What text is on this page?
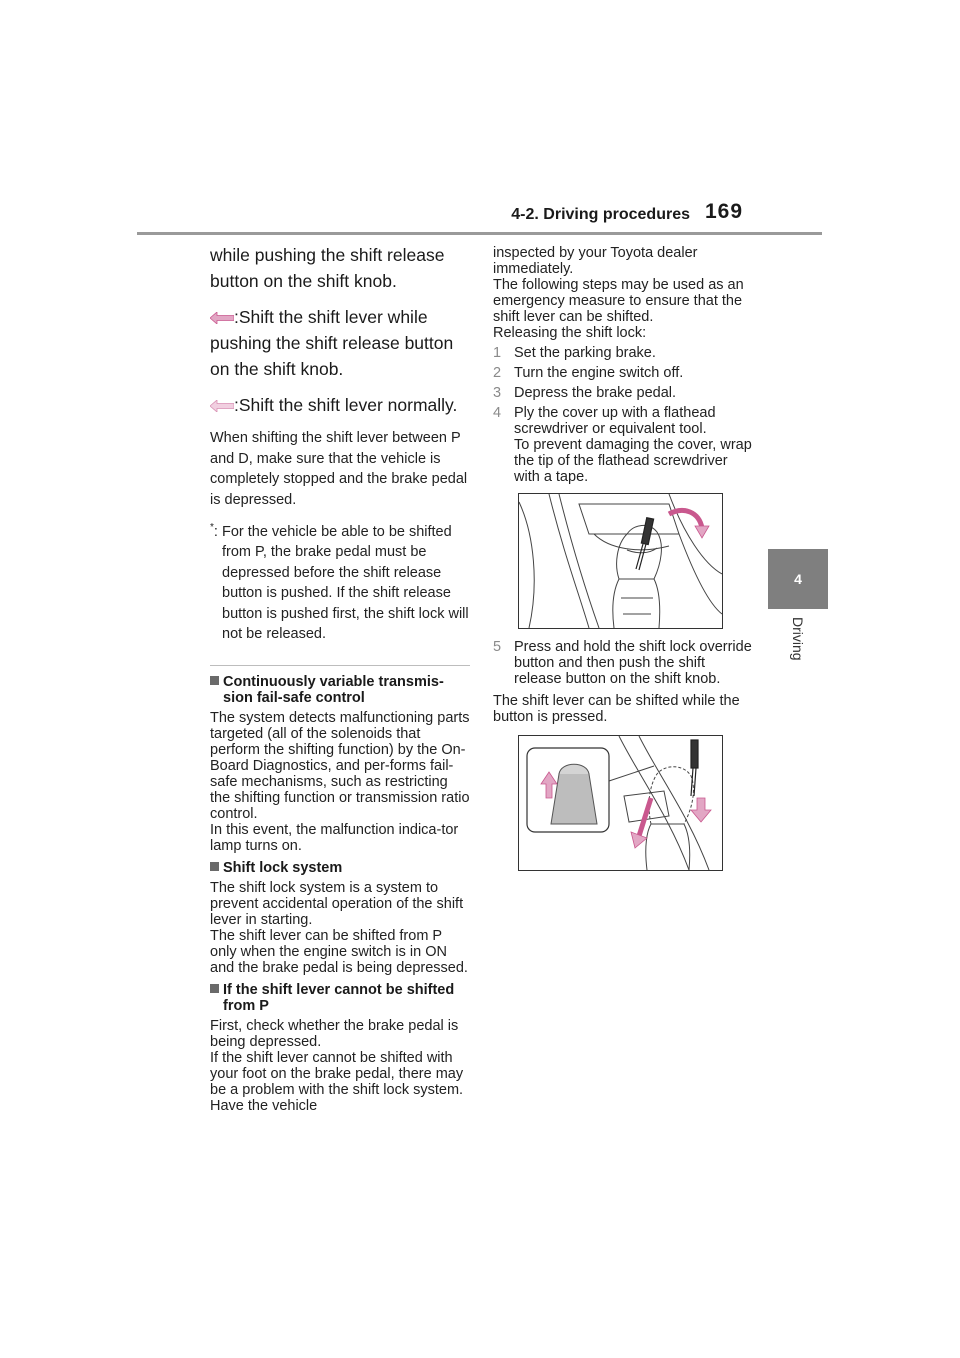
4-2. Driving procedures 169
4
Driving

while pushing the shift release button on the shift knob.

:Shift the shift lever while pushing the shift release button on the shift knob.

:Shift the shift lever normally.

When shifting the shift lever between P and D, make sure that the vehicle is completely stopped and the brake pedal is depressed.

*: For the vehicle be able to be shifted from P, the brake pedal must be depressed before the shift release button is pushed. If the shift release button is pushed first, the shift lock will not be released.

Continuously variable transmis-sion fail-safe control

The system detects malfunctioning parts targeted (all of the solenoids that perform the shifting function) by the On-Board Diagnostics, and per-forms fail-safe mechanisms, such as restricting the shifting function or transmission ratio control.
In this event, the malfunction indica-tor lamp turns on.

Shift lock system

The shift lock system is a system to prevent accidental operation of the shift lever in starting.
The shift lever can be shifted from P only when the engine switch is in ON and the brake pedal is being depressed.

If the shift lever cannot be shifted from P

First, check whether the brake pedal is being depressed.
If the shift lever cannot be shifted with your foot on the brake pedal, there may be a problem with the shift lock system. Have the vehicle

inspected by your Toyota dealer immediately.
The following steps may be used as an emergency measure to ensure that the shift lever can be shifted.
Releasing the shift lock:

1 Set the parking brake.

2 Turn the engine switch off.

3 Depress the brake pedal.

4 Ply the cover up with a flathead screwdriver or equivalent tool.
To prevent damaging the cover, wrap the tip of the flathead screwdriver with a tape.

5 Press and hold the shift lock override button and then push the shift release button on the shift knob.

The shift lever can be shifted while the button is pressed.
